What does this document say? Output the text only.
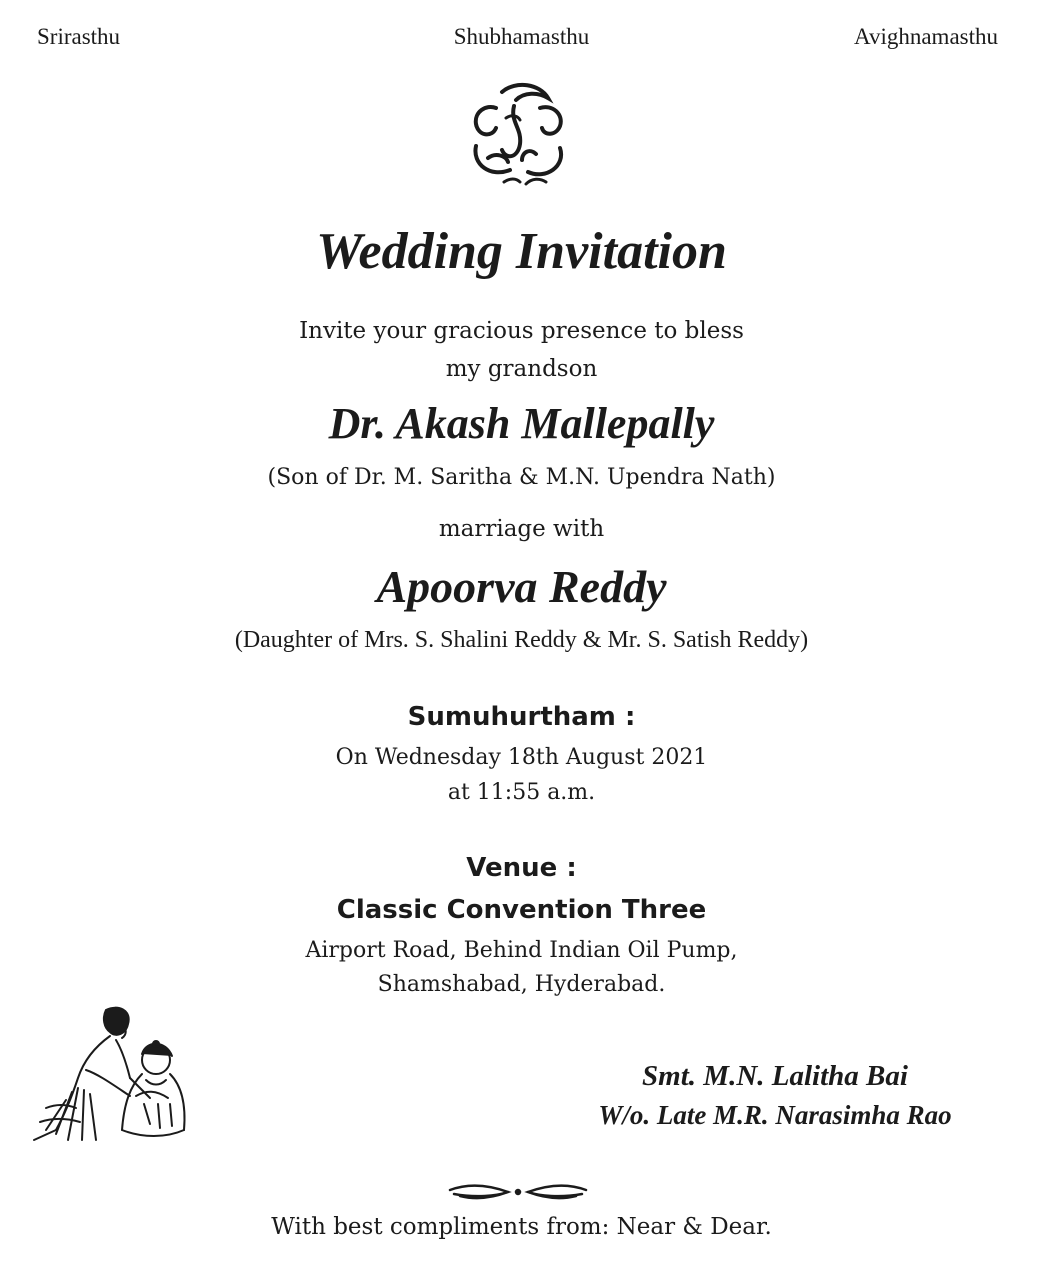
Srirasthu	Shubhamasthu	Avighnamasthu
Wedding Invitation
Invite your gracious presence to bless
my grandson
Dr. Akash Mallepally
(Son of Dr. M. Saritha & M.N. Upendra Nath)
marriage with
Apoorva Reddy
(Daughter of Mrs. S. Shalini Reddy & Mr. S. Satish Reddy)
Sumuhurtham :
On Wednesday 18th August 2021
at 11:55 a.m.
Venue :
Classic Convention Three
Airport Road, Behind Indian Oil Pump,
Shamshabad, Hyderabad.
Smt. M.N. Lalitha Bai
W/o. Late M.R. Narasimha Rao
With best compliments from: Near & Dear.
